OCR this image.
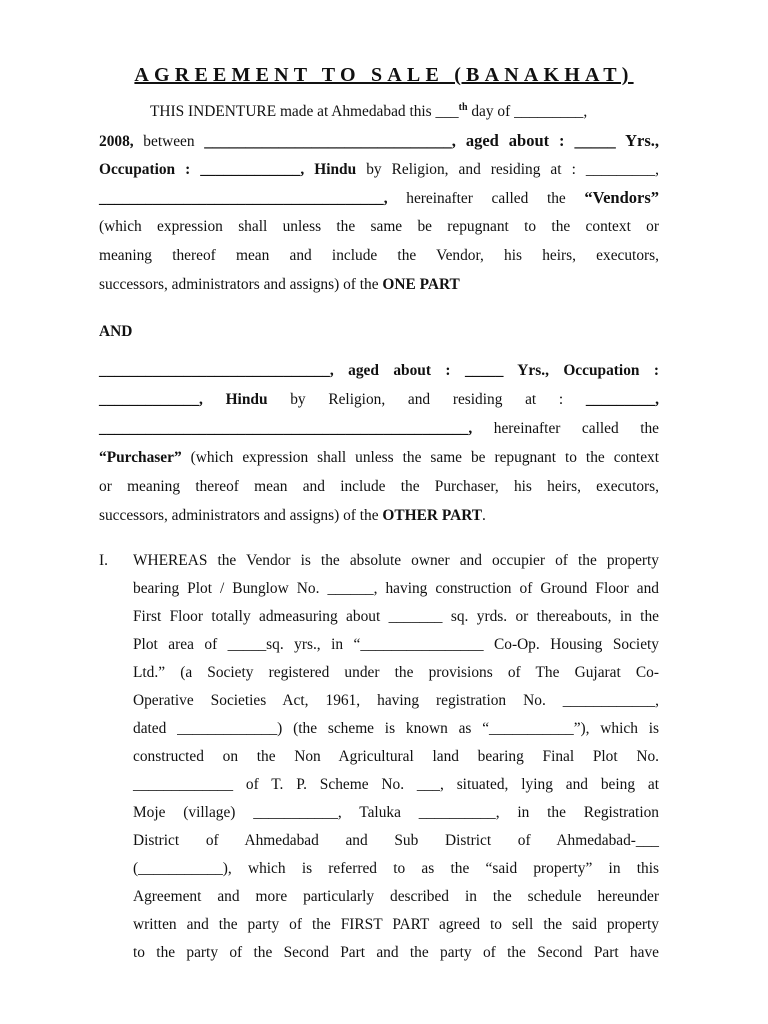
AGREEMENT TO SALE (BANAKHAT)
THIS INDENTURE made at Ahmedabad this ___$^{th}$ day of _________,
2008, between ______________________________, aged about : _____ Yrs.,
Occupation : _____________, Hindu by Religion, and residing at : _________,
_____________________________________, hereinafter called the “Vendors”
(which expression shall unless the same be repugnant to the context or
meaning thereof mean and include the Vendor, his heirs, executors,
successors, administrators and assigns) of the ONE PART
AND
______________________________, aged about : _____ Yrs., Occupation :
_____________, Hindu by Religion, and residing at : _________,
________________________________________________, hereinafter called the
“Purchaser” (which expression shall unless the same be repugnant to the context
or meaning thereof mean and include the Purchaser, his heirs, executors,
successors, administrators and assigns) of the OTHER PART.
I. WHEREAS the Vendor is the absolute owner and occupier of the property
bearing Plot / Bunglow No. ______, having construction of Ground Floor and
First Floor totally admeasuring about _______ sq. yrds. or thereabouts, in the
Plot area of _____sq. yrs., in “________________ Co-Op. Housing Society
Ltd.” (a Society registered under the provisions of The Gujarat Co-
Operative Societies Act, 1961, having registration No. ____________,
dated _____________) (the scheme is known as “___________”), which is
constructed on the Non Agricultural land bearing Final Plot No.
_____________ of T. P. Scheme No. ___, situated, lying and being at
Moje (village) ___________, Taluka __________, in the Registration
District of Ahmedabad and Sub District of Ahmedabad-___
(___________), which is referred to as the “said property” in this
Agreement and more particularly described in the schedule hereunder
written and the party of the FIRST PART agreed to sell the said property
to the party of the Second Part and the party of the Second Part have
